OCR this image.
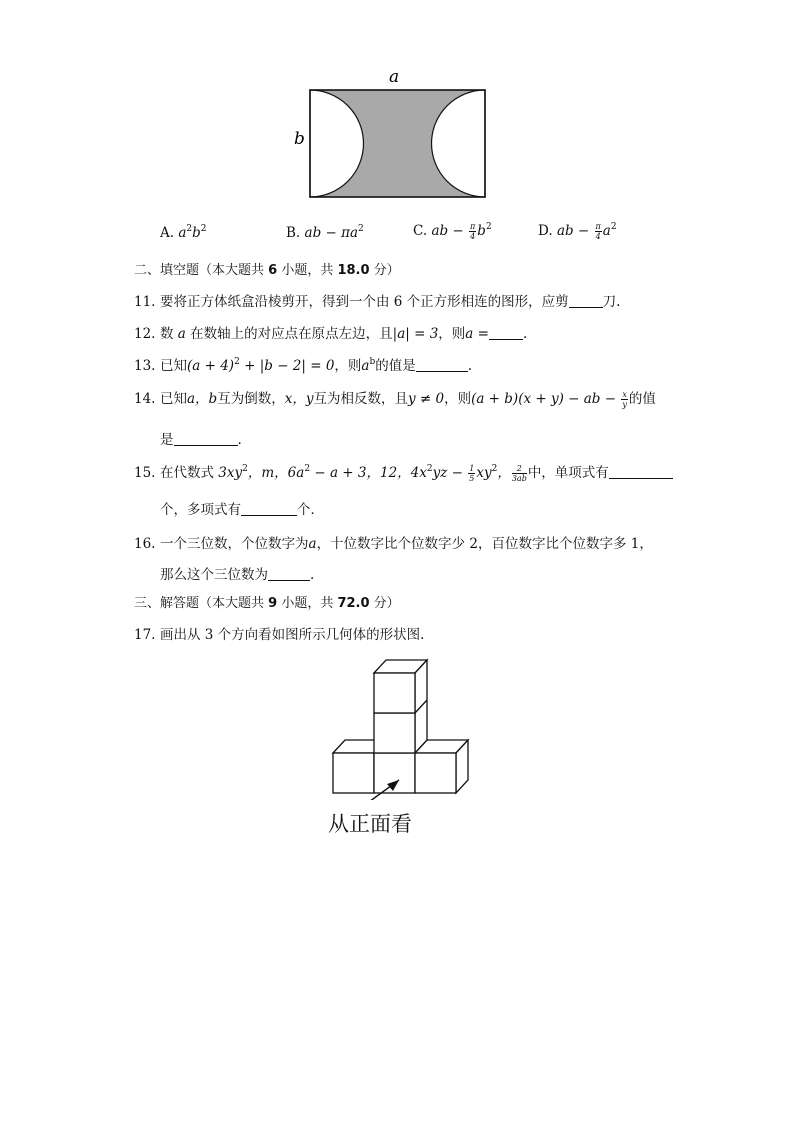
a
b
A. $a^2b^2$	B. ab − $\pi a^2$	C. ab − $\frac{\pi}{4} b^2$	D. ab − $\frac{\pi}{4} a^2$
二、填空题（本大题共 6 小题，共 18.0 分）
11. 要将正方体纸盒沿棱剪开，得到一个由 6 个正方形相连的图形，应剪	刀.
12. 数 a 在数轴上的对应点在原点左边，且|a| = 3，则a =	.
13. 已知$(a + 4)^2 + |b - 2| = 0$，则$a^b$的值是	.
14. 已知a，b互为倒数，x，y互为相反数，且y ≠ 0，则(a + b)(x + y) − ab − $\frac{x}{y}$ 的值
是	.
15. 在代数式 $3xy^2$，m，$6a^2 - a + 3$，12，$4x^2yz - \frac{1}{5} xy^2$， $\frac{2}{3ab}$ 中，单项式有
个，多项式有	个．
16. 一个三位数，个位数字为a，十位数字比个位数字少 2，百位数字比个位数字多 1，
那么这个三位数为	.
三、解答题（本大题共 9 小题，共 72.0 分）
17. 画出从 3 个方向看如图所示几何体的形状图.
从正面看
